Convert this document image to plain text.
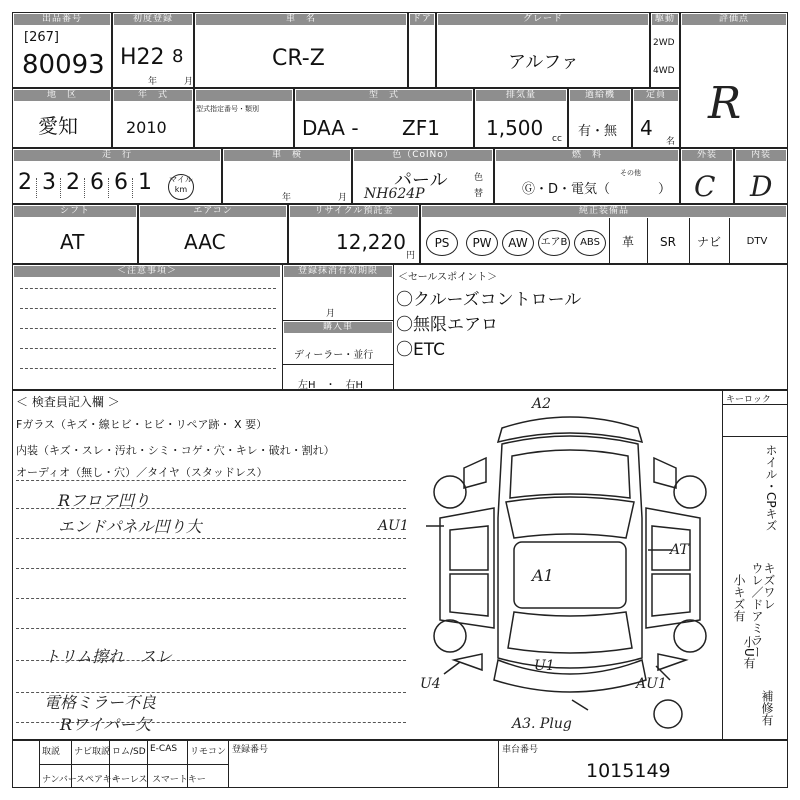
出品番号
[267]
80093
初度登録
H22 8
年	月
車　名
CR-Z
ドア	グレード
アルファ
駆動
2WD
4WD
評価点
R
地　区
愛知
年　式
2010

型式指定番号・類別
型　式
DAA - ZF1
排気量
1,500 cc
過給機
有・無
定員
4
名
走　行
2 3 2 6 6 1 マイル
km
車　検
年	月
色（ColNo）
パール
NH624P
色
替
燃　料
Ⓖ・D・電気（
その他
）
外装
C
内装
D
シフト
AT
エアコン
AAC
リサイクル預託金
12,220
円
純正装備品
PS	PW	AW	エアB	ABS	革	SR	ナビ	DTV
＜注意事項＞	登録抹消有効期限
月
購入車
ディーラー・並行
左H　・　右H
＜セールスポイント＞
〇クルーズコントロール
〇無限エアロ
〇ETC
＜ 検査員記入欄 ＞
Fガラス（キズ・線ヒビ・ヒビ・リペア跡・ X 要）
内装（キズ・スレ・汚れ・シミ・コゲ・穴・キレ・破れ・割れ）
オーディオ（無し・穴）／タイヤ（スタッドレス）
Rフロア凹り
エンドパネル凹り大
トリム擦れ　スレ
電格ミラー不良
Rワイパー欠
A2
AU1
AT
A1
U1
U4	AU1
A3. Plug
キーロック
ホイル・CPキズ
ウレ／ドアミラー
キズワレ
小キズ有
小U有
補修有
取説 ナビ取説 ロム/SD E-CAS リモコン
ナンバー スペアキー
キーレス スマートキー
登録番号	車台番号
1015149
